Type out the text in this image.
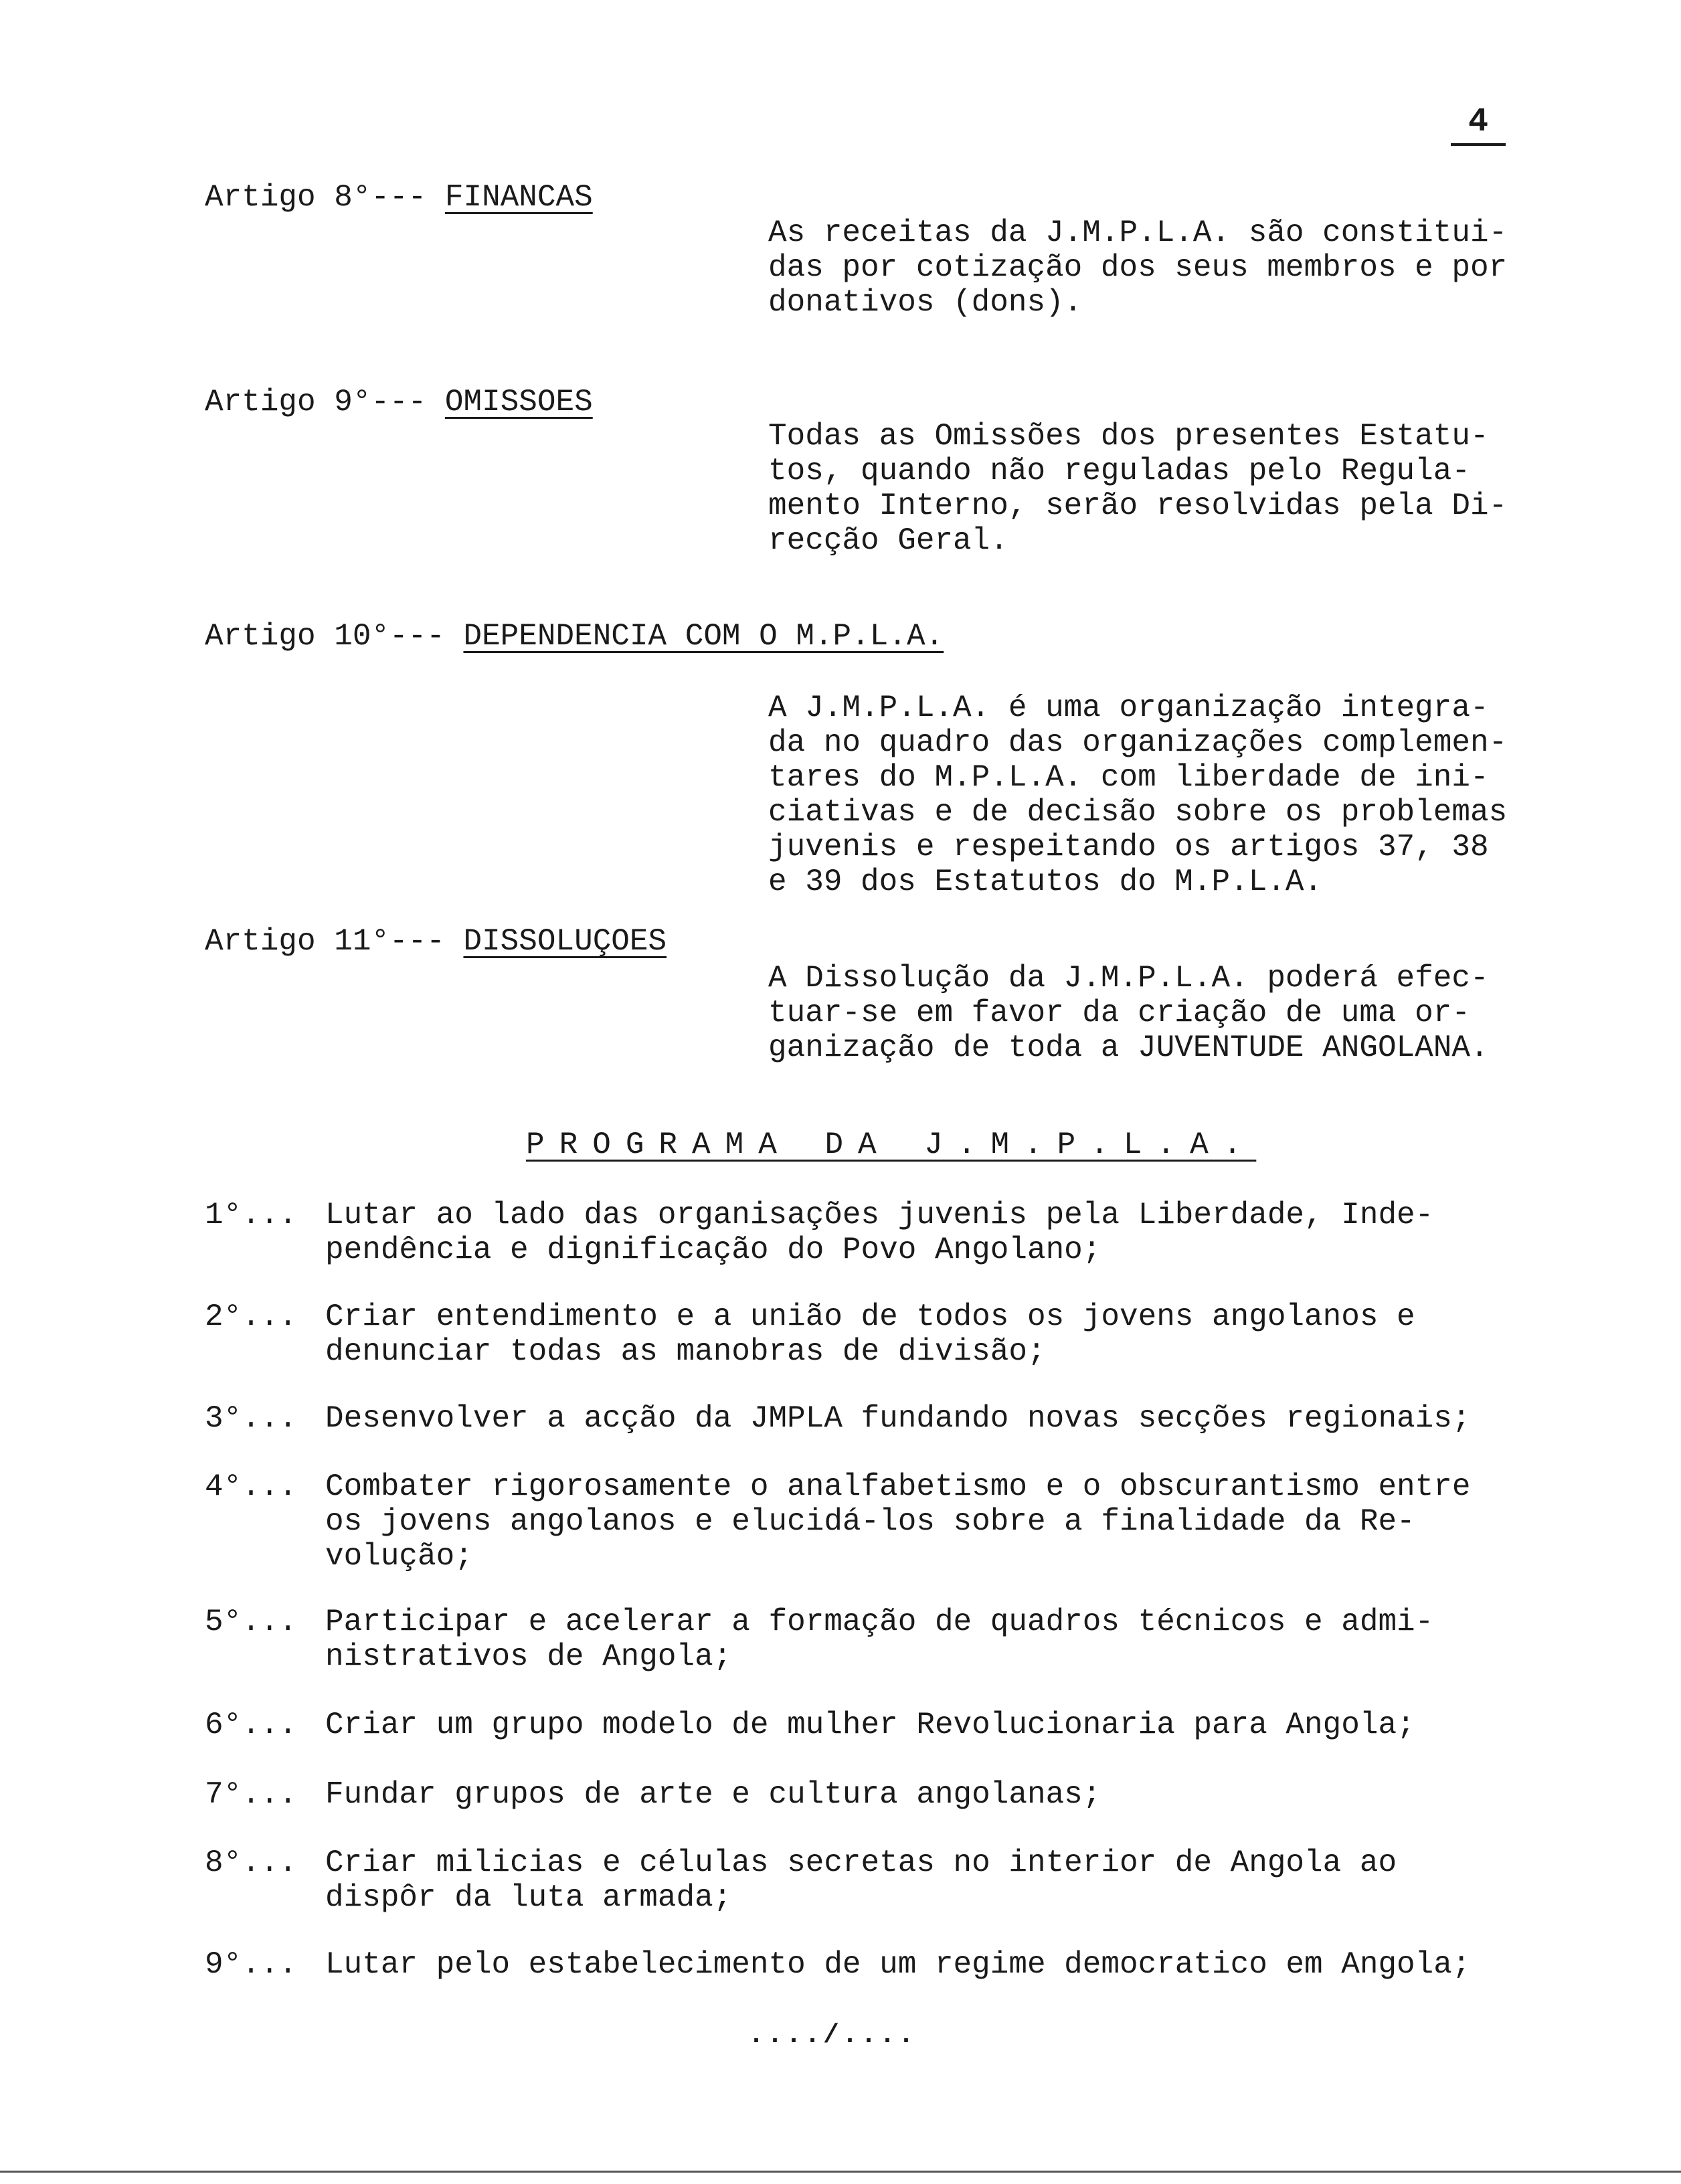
4
Artigo 8°--- FINANCAS
As receitas da J.M.P.L.A. são constitui-
das por cotização dos seus membros e por
donativos (dons).
Artigo 9°--- OMISSOES
Todas as Omissões dos presentes Estatu-
tos, quando não reguladas pelo Regula-
mento Interno, serão resolvidas pela Di-
recção Geral.
Artigo 10°--- DEPENDENCIA COM O M.P.L.A.
A J.M.P.L.A. é uma organização integra-
da no quadro das organizações complemen-
tares do M.P.L.A. com liberdade de ini-
ciativas e de decisão sobre os problemas
juvenis e respeitando os artigos 37, 38
e 39 dos Estatutos do M.P.L.A.
Artigo 11°--- DISSOLUÇOES
A Dissolução da J.M.P.L.A. poderá efec-
tuar-se em favor da criação de uma or-
ganização de toda a JUVENTUDE ANGOLANA.
PROGRAMA DA J.M.P.L.A.
1°... Lutar ao lado das organisações juvenis pela Liberdade, Inde-
pendência e dignificação do Povo Angolano;
2°... Criar entendimento e a união de todos os jovens angolanos e
denunciar todas as manobras de divisão;
3°... Desenvolver a acção da JMPLA fundando novas secções regionais;
4°... Combater rigorosamente o analfabetismo e o obscurantismo entre
os jovens angolanos e elucidá-los sobre a finalidade da Re-
volução;
5°... Participar e acelerar a formação de quadros técnicos e admi-
nistrativos de Angola;
6°... Criar um grupo modelo de mulher Revolucionaria para Angola;
7°... Fundar grupos de arte e cultura angolanas;
8°... Criar milicias e células secretas no interior de Angola ao
dispôr da luta armada;
9°... Lutar pelo estabelecimento de um regime democratico em Angola;
..../....
